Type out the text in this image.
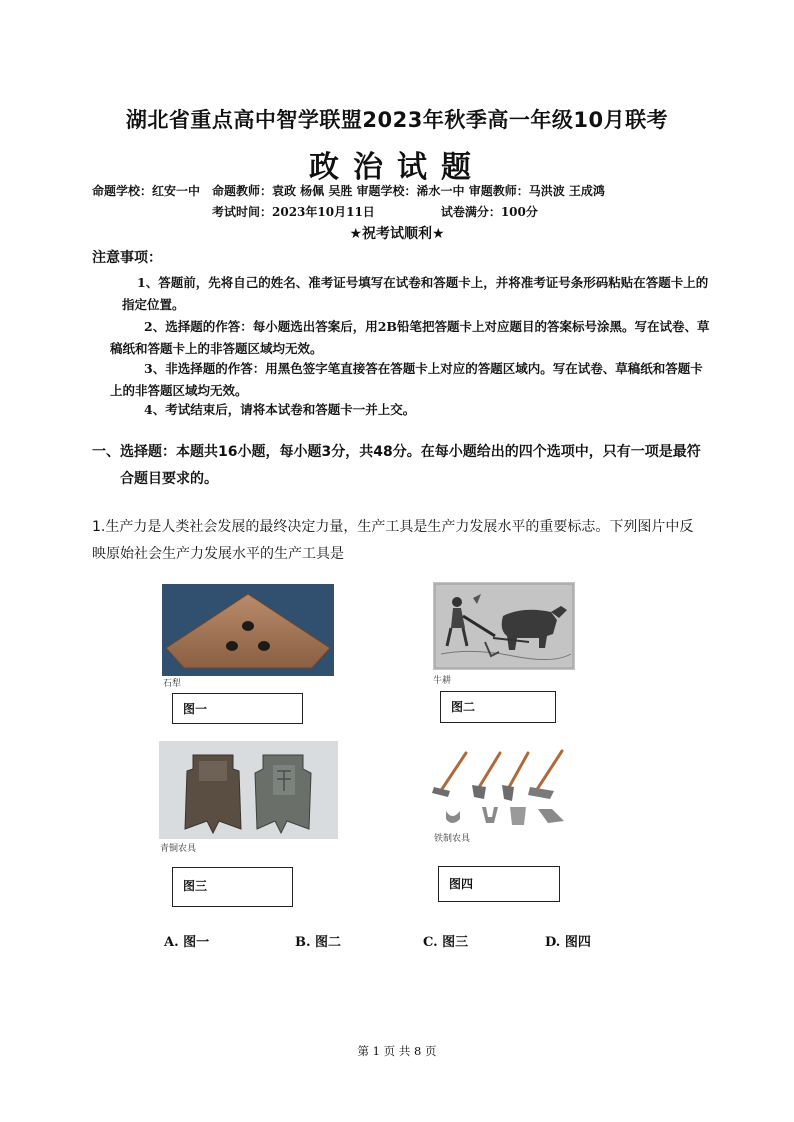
湖北省重点高中智学联盟2023年秋季高一年级10月联考
政治试题
命题学校：红安一中　命题教师：袁政 杨佩 吴胜 审题学校：浠水一中 审题教师：马洪波 王成鸿
考试时间：2023年10月11日	试卷满分：100分
★祝考试顺利★
注意事项：
1、答题前，先将自己的姓名、准考证号填写在试卷和答题卡上，并将准考证号条形码粘贴在答题卡上的指定位置。
2、选择题的作答：每小题选出答案后，用2B铅笔把答题卡上对应题目的答案标号涂黑。写在试卷、草稿纸和答题卡上的非答题区域均无效。
3、非选择题的作答：用黑色签字笔直接答在答题卡上对应的答题区域内。写在试卷、草稿纸和答题卡上的非答题区域均无效。
4、考试结束后，请将本试卷和答题卡一并上交。
一、选择题：本题共16小题，每小题3分，共48分。在每小题给出的四个选项中，只有一项是最符合题目要求的。
1.生产力是人类社会发展的最终决定力量，生产工具是生产力发展水平的重要标志。下列图片中反映原始社会生产力发展水平的生产工具是
石犁
图一
牛耕
图二
青铜农具
图三
铁制农具
图四
A. 图一	B. 图二	C. 图三	D. 图四
第 1 页 共 8 页
